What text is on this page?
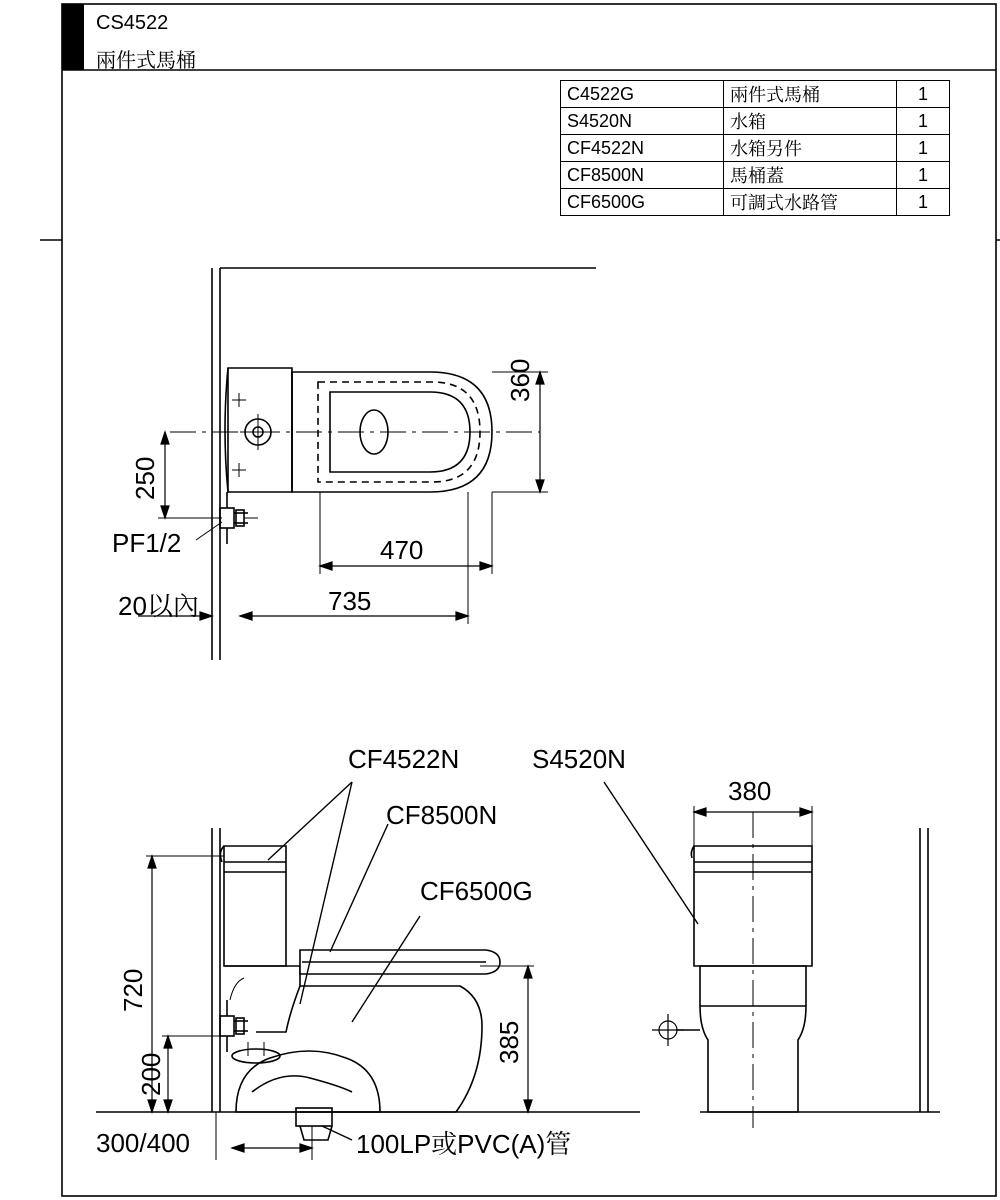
CS4522
兩件式馬桶
C4522G	兩件式馬桶	1
S4520N	水箱	1
CF4522N	水箱另件	1
CF8500N	馬桶蓋	1
CF6500G	可調式水路管	1
360
250
470
735
PF1/2
20以內
CF4522N	S4520N
CF8500N
CF6500G
720
200
385
300/400	100LP或PVC(A)管
380
